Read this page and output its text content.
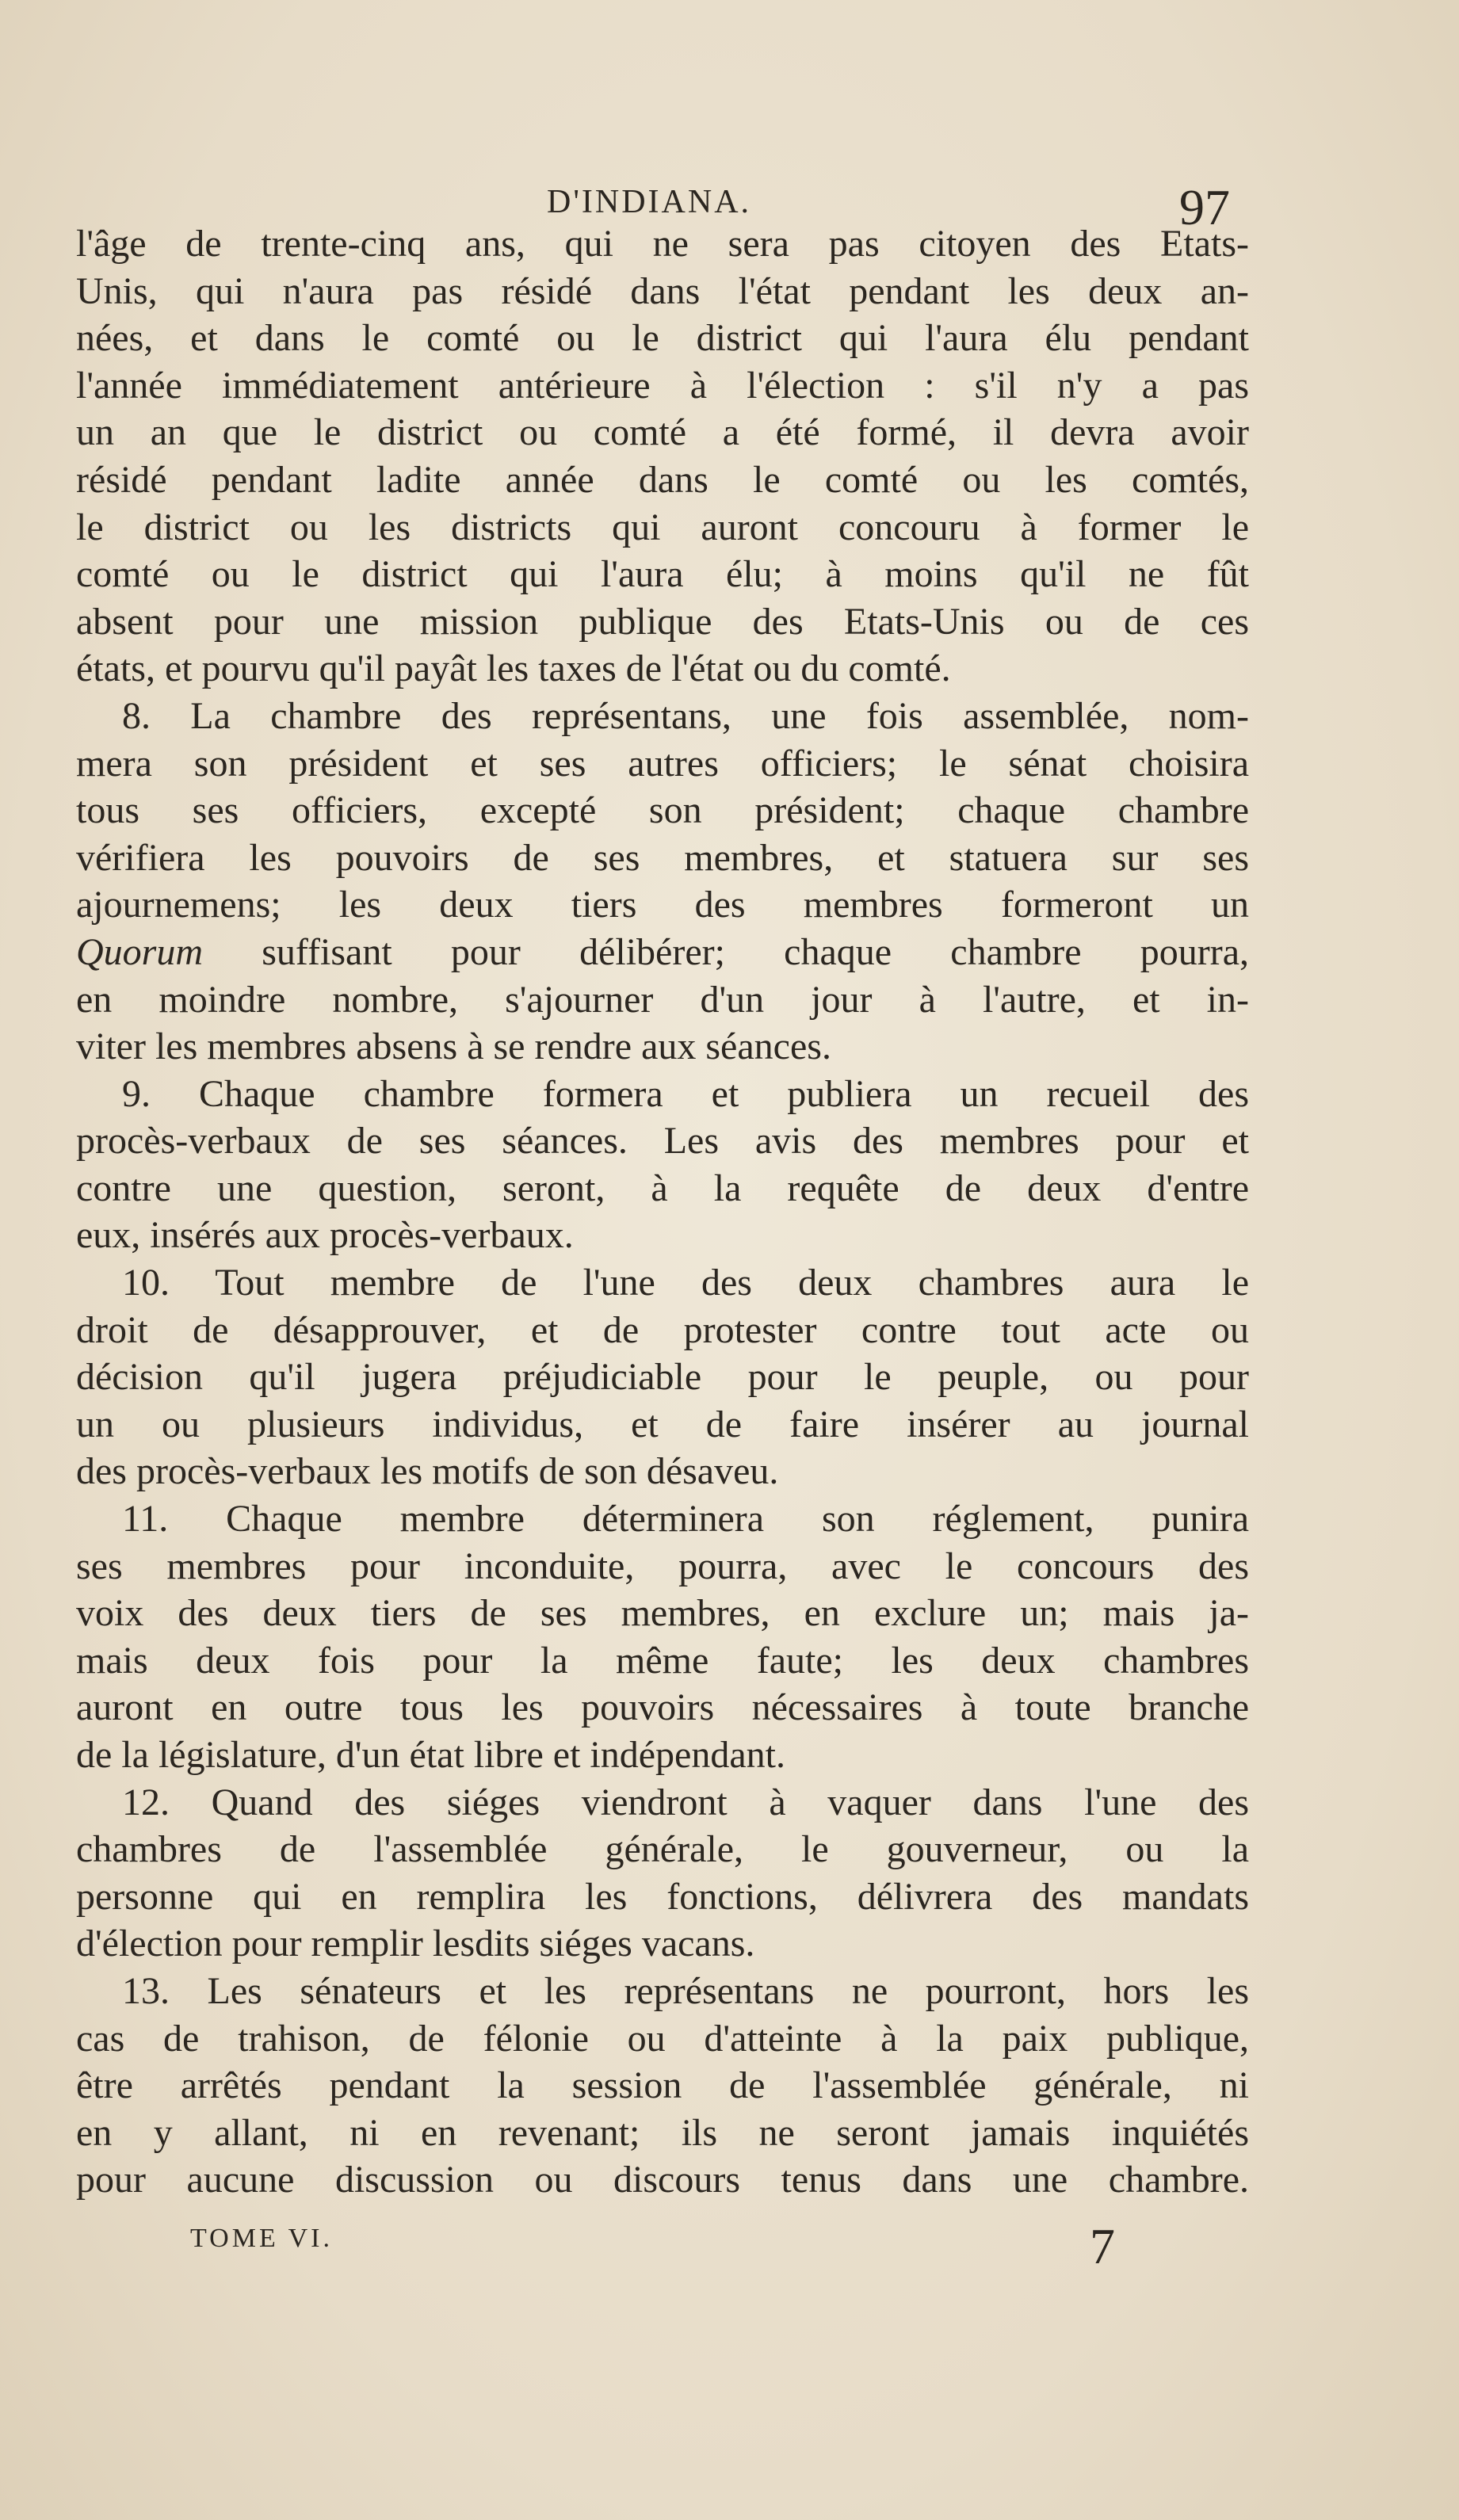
D'INDIANA.	97
l'âge de trente-cinq ans, qui ne sera pas citoyen des Etats-
Unis, qui n'aura pas résidé dans l'état pendant les deux an-
nées, et dans le comté ou le district qui l'aura élu pendant
l'année immédiatement antérieure à l'élection : s'il n'y a pas
un an que le district ou comté a été formé, il devra avoir
résidé pendant ladite année dans le comté ou les comtés,
le district ou les districts qui auront concouru à former le
comté ou le district qui l'aura élu; à moins qu'il ne fût
absent pour une mission publique des Etats-Unis ou de ces
états, et pourvu qu'il payât les taxes de l'état ou du comté.
8. La chambre des représentans, une fois assemblée, nom-
mera son président et ses autres officiers; le sénat choisira
tous ses officiers, excepté son président; chaque chambre
vérifiera les pouvoirs de ses membres, et statuera sur ses
ajournemens; les deux tiers des membres formeront un
Quorum suffisant pour délibérer; chaque chambre pourra,
en moindre nombre, s'ajourner d'un jour à l'autre, et in-
viter les membres absens à se rendre aux séances.
9. Chaque chambre formera et publiera un recueil des
procès-verbaux de ses séances. Les avis des membres pour et
contre une question, seront, à la requête de deux d'entre
eux, insérés aux procès-verbaux.
10. Tout membre de l'une des deux chambres aura le
droit de désapprouver, et de protester contre tout acte ou
décision qu'il jugera préjudiciable pour le peuple, ou pour
un ou plusieurs individus, et de faire insérer au journal
des procès-verbaux les motifs de son désaveu.
11. Chaque membre déterminera son réglement, punira
ses membres pour inconduite, pourra, avec le concours des
voix des deux tiers de ses membres, en exclure un; mais ja-
mais deux fois pour la même faute; les deux chambres
auront en outre tous les pouvoirs nécessaires à toute branche
de la législature, d'un état libre et indépendant.
12. Quand des siéges viendront à vaquer dans l'une des
chambres de l'assemblée générale, le gouverneur, ou la
personne qui en remplira les fonctions, délivrera des mandats
d'élection pour remplir lesdits siéges vacans.
13. Les sénateurs et les représentans ne pourront, hors les
cas de trahison, de félonie ou d'atteinte à la paix publique,
être arrêtés pendant la session de l'assemblée générale, ni
en y allant, ni en revenant; ils ne seront jamais inquiétés
pour aucune discussion ou discours tenus dans une chambre.
TOME VI.	7
